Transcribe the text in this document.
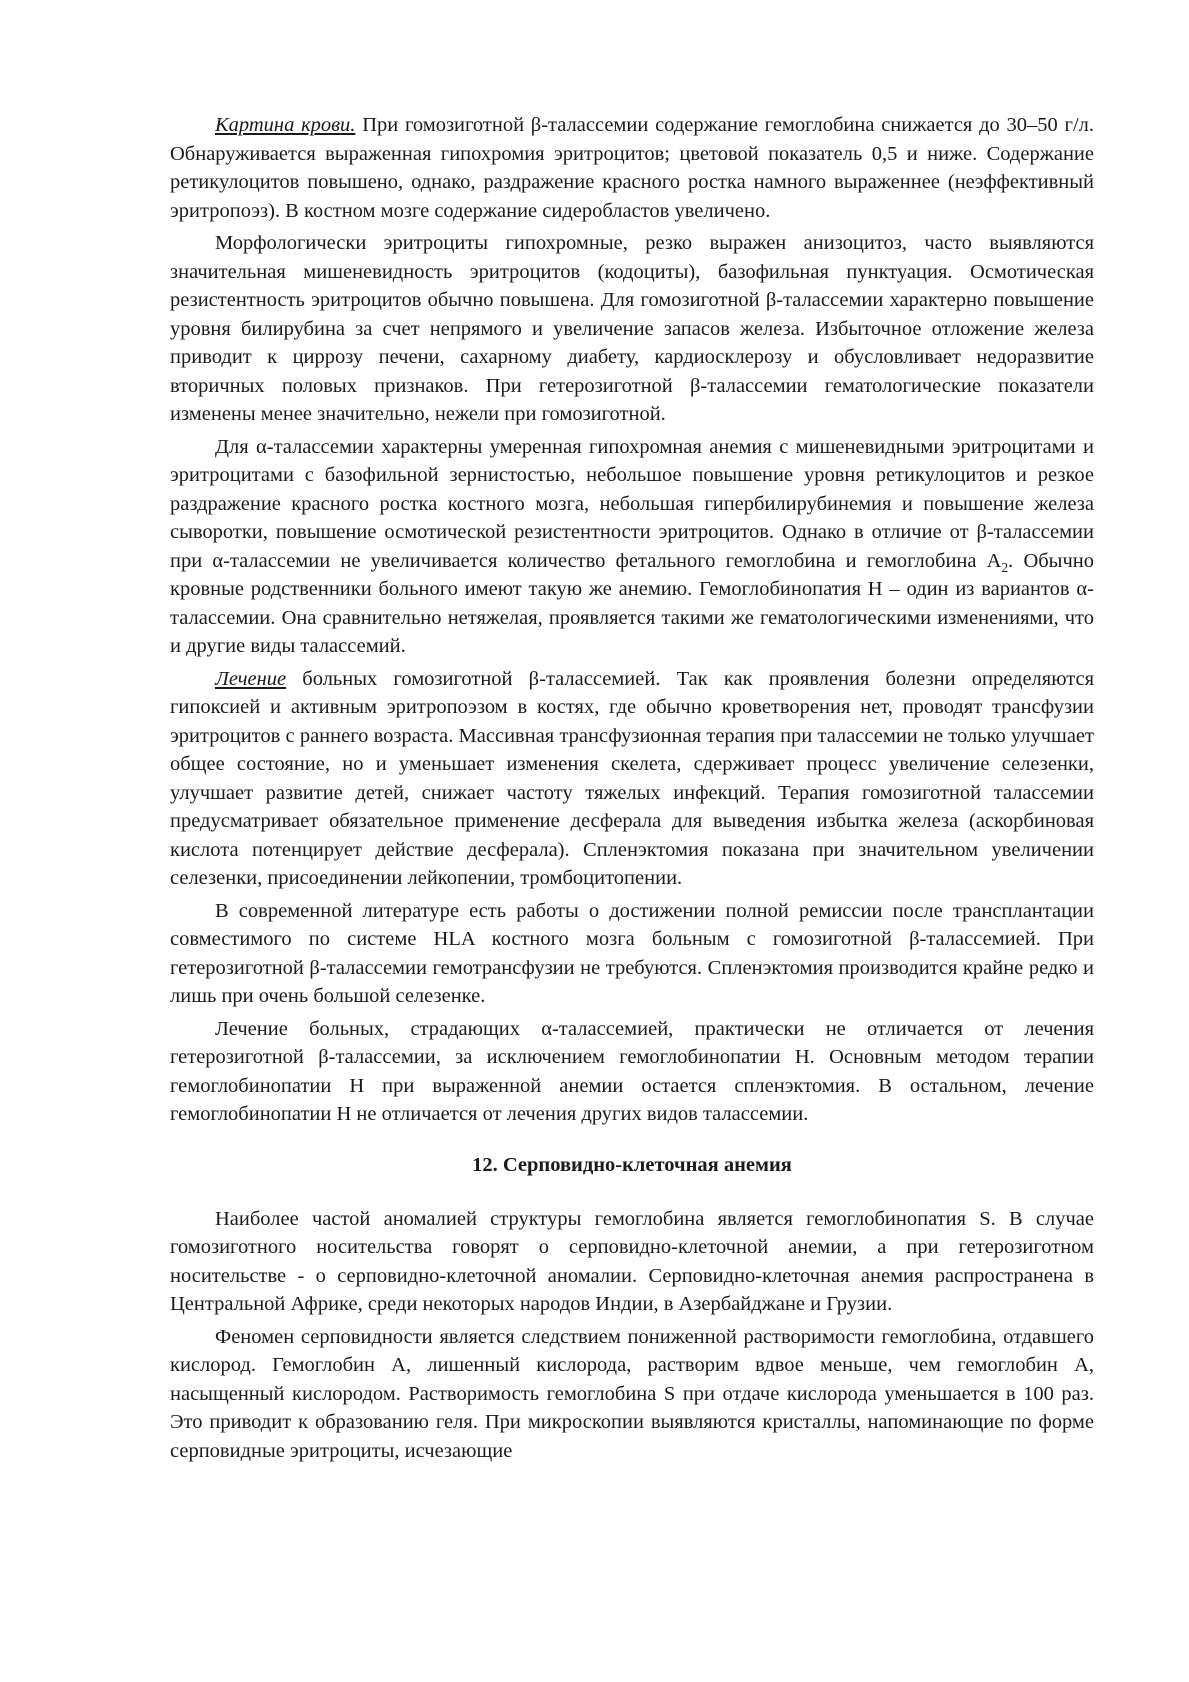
Картина крови. При гомозиготной β-талассемии содержание гемоглобина снижается до 30–50 г/л. Обнаруживается выраженная гипохромия эритроцитов; цветовой показатель 0,5 и ниже. Содержание ретикулоцитов повышено, однако, раздражение красного ростка намного выраженнее (неэффективный эритропоэз). В костном мозге содержание сидеробластов увеличено.

Морфологически эритроциты гипохромные, резко выражен анизоцитоз, часто выявляются значительная мишеневидность эритроцитов (кодоциты), базофильная пунктуация. Осмотическая резистентность эритроцитов обычно повышена. Для гомозиготной β-талассемии характерно повышение уровня билирубина за счет непрямого и увеличение запасов железа. Избыточное отложение железа приводит к циррозу печени, сахарному диабету, кардиосклерозу и обусловливает недоразвитие вторичных половых признаков. При гетерозиготной β-талассемии гематологические показатели изменены менее значительно, нежели при гомозиготной.

Для α-талассемии характерны умеренная гипохромная анемия с мишеневидными эритроцитами и эритроцитами с базофильной зернистостью, небольшое повышение уровня ретикулоцитов и резкое раздражение красного ростка костного мозга, небольшая гипербилирубинемия и повышение железа сыворотки, повышение осмотической резистентности эритроцитов. Однако в отличие от β-талассемии при α-талассемии не увеличивается количество фетального гемоглобина и гемоглобина $А_2$. Обычно кровные родственники больного имеют такую же анемию. Гемоглобинопатия Н – один из вариантов α-талассемии. Она сравнительно нетяжелая, проявляется такими же гематологическими изменениями, что и другие виды талассемий.

Лечение больных гомозиготной β-талассемией. Так как проявления болезни определяются гипоксией и активным эритропоэзом в костях, где обычно кроветворения нет, проводят трансфузии эритроцитов с раннего возраста. Массивная трансфузионная терапия при талассемии не только улучшает общее состояние, но и уменьшает изменения скелета, сдерживает процесс увеличение селезенки, улучшает развитие детей, снижает частоту тяжелых инфекций. Терапия гомозиготной талассемии предусматривает обязательное применение десферала для выведения избытка железа (аскорбиновая кислота потенцирует действие десферала). Спленэктомия показана при значительном увеличении селезенки, присоединении лейкопении, тромбоцитопении.

В современной литературе есть работы о достижении полной ремиссии после трансплантации совместимого по системе HLA костного мозга больным с гомозиготной β-талассемией. При гетерозиготной β-талассемии гемотрансфузии не требуются. Спленэктомия производится крайне редко и лишь при очень большой селезенке.

Лечение больных, страдающих α-талассемией, практически не отличается от лечения гетерозиготной β-талассемии, за исключением гемоглобинопатии Н. Основным методом терапии гемоглобинопатии Н при выраженной анемии остается спленэктомия. В остальном, лечение гемоглобинопатии Н не отличается от лечения других видов талассемии.

12. Серповидно-клеточная анемия

Наиболее частой аномалией структуры гемоглобина является гемоглобинопатия S. В случае гомозиготного носительства говорят о серповидно-клеточной анемии, а при гетерозиготном носительстве - о серповидно-клеточной аномалии. Серповидно-клеточная анемия распространена в Центральной Африке, среди некоторых народов Индии, в Азербайджане и Грузии.

Феномен серповидности является следствием пониженной растворимости гемоглобина, отдавшего кислород. Гемоглобин А, лишенный кислорода, растворим вдвое меньше, чем гемоглобин А, насыщенный кислородом. Растворимость гемоглобина S при отдаче кислорода уменьшается в 100 раз. Это приводит к образованию геля. При микроскопии выявляются кристаллы, напоминающие по форме серповидные эритроциты, исчезающие
